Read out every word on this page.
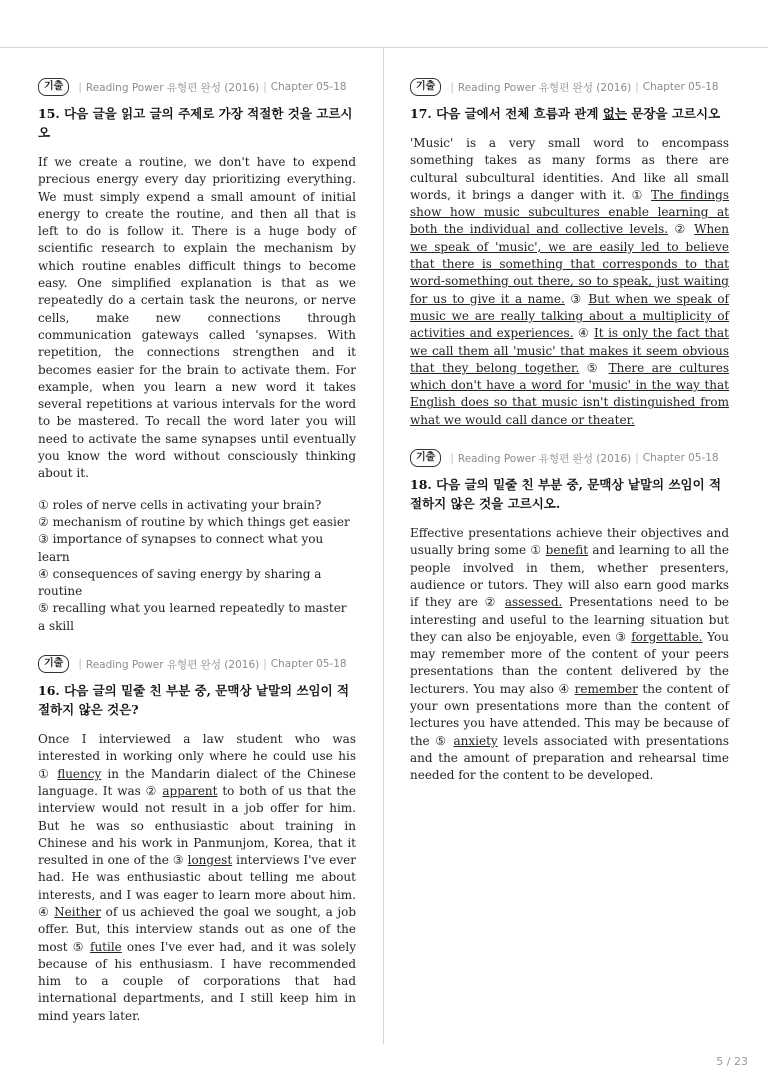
기출	| Reading Power 유형편 완성 (2016) | Chapter 05-18
15. 다음 글을 읽고 글의 주제로 가장 적절한 것을 고르시오

If we create a routine, we don't have to expend precious energy every day prioritizing everything. We must simply expend a small amount of initial energy to create the routine, and then all that is left to do is follow it. There is a huge body of scientific research to explain the mechanism by which routine enables difficult things to become easy. One simplified explanation is that as we repeatedly do a certain task the neurons, or nerve cells, make new connections through communication gateways called 'synapses. With repetition, the connections strengthen and it becomes easier for the brain to activate them. For example, when you learn a new word it takes several repetitions at various intervals for the word to be mastered. To recall the word later you will need to activate the same synapses until eventually you know the word without consciously thinking about it.

① roles of nerve cells in activating your brain?
② mechanism of routine by which things get easier
③ importance of synapses to connect what you learn
④ consequences of saving energy by sharing a routine
⑤ recalling what you learned repeatedly to master a skill
기출	| Reading Power 유형편 완성 (2016) | Chapter 05-18
16. 다음 글의 밑줄 친 부분 중, 문맥상 낱말의 쓰임이 적절하지 않은 것은?

Once I interviewed a law student who was interested in working only where he could use his ① fluency in the Mandarin dialect of the Chinese language. It was ② apparent to both of us that the interview would not result in a job offer for him. But he was so enthusiastic about training in Chinese and his work in Panmunjom, Korea, that it resulted in one of the ③ longest interviews I've ever had. He was enthusiastic about telling me about interests, and I was eager to learn more about him. ④ Neither of us achieved the goal we sought, a job offer. But, this interview stands out as one of the most ⑤ futile ones I've ever had, and it was solely because of his enthusiasm. I have recommended him to a couple of corporations that had international departments, and I still keep him in mind years later.

기출	| Reading Power 유형편 완성 (2016) | Chapter 05-18
17. 다음 글에서 전체 흐름과 관계 없는 문장을 고르시오

'Music' is a very small word to encompass something takes as many forms as there are cultural subcultural identities. And like all small words, it brings a danger with it. ① The findings show how music subcultures enable learning at both the individual and collective levels. ② When we speak of 'music', we are easily led to believe that there is something that corresponds to that word-something out there, so to speak, just waiting for us to give it a name. ③ But when we speak of music we are really talking about a multiplicity of activities and experiences. ④ It is only the fact that we call them all 'music' that makes it seem obvious that they belong together. ⑤ There are cultures which don't have a word for 'music' in the way that English does so that music isn't distinguished from what we would call dance or theater.

기출	| Reading Power 유형편 완성 (2016) | Chapter 05-18
18. 다음 글의 밑줄 친 부분 중, 문맥상 낱말의 쓰임이 적절하지 않은 것을 고르시오.

Effective presentations achieve their objectives and usually bring some ① benefit and learning to all the people involved in them, whether presenters, audience or tutors. They will also earn good marks if they are ② assessed. Presentations need to be interesting and useful to the learning situation but they can also be enjoyable, even ③ forgettable. You may remember more of the content of your peers presentations than the content delivered by the lecturers. You may also ④ remember the content of your own presentations more than the content of lectures you have attended. This may be because of the ⑤ anxiety levels associated with presentations and the amount of preparation and rehearsal time needed for the content to be developed.

5 / 23
